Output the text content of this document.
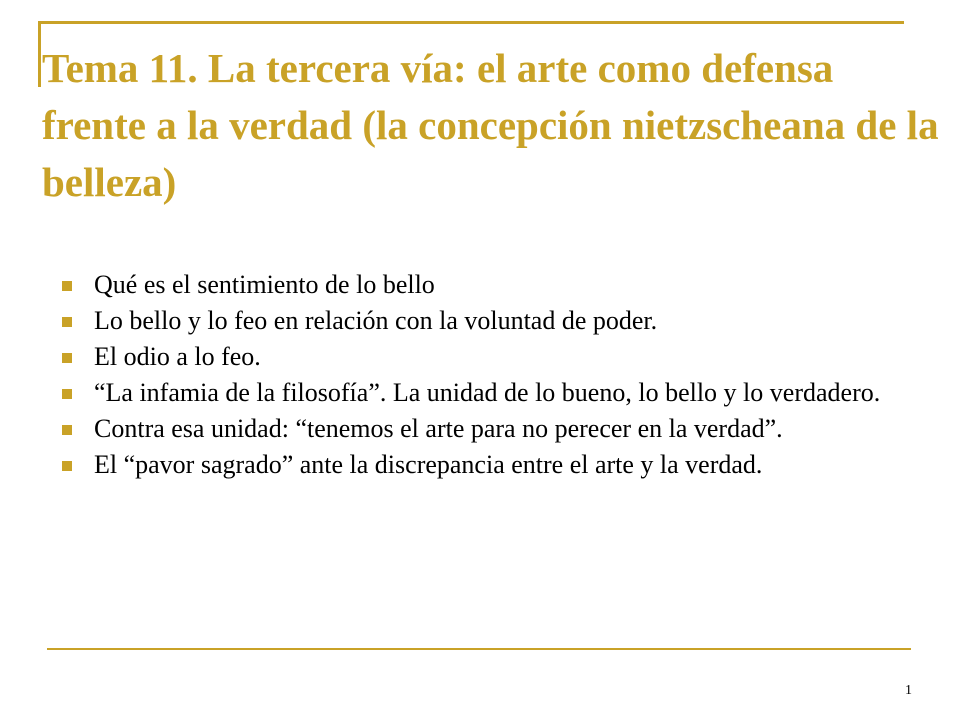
Tema 11. La tercera vía: el arte como defensa frente a la verdad (la concepción nietzscheana de la belleza)
Qué es el sentimiento de lo bello
Lo bello y lo feo en relación con la voluntad de poder.
El odio a lo feo.
“La infamia de la filosofía”. La unidad de lo bueno, lo bello y lo verdadero.
Contra esa unidad: “tenemos el arte para no perecer en la verdad”.
El “pavor sagrado” ante la discrepancia entre el arte y la verdad.
1
